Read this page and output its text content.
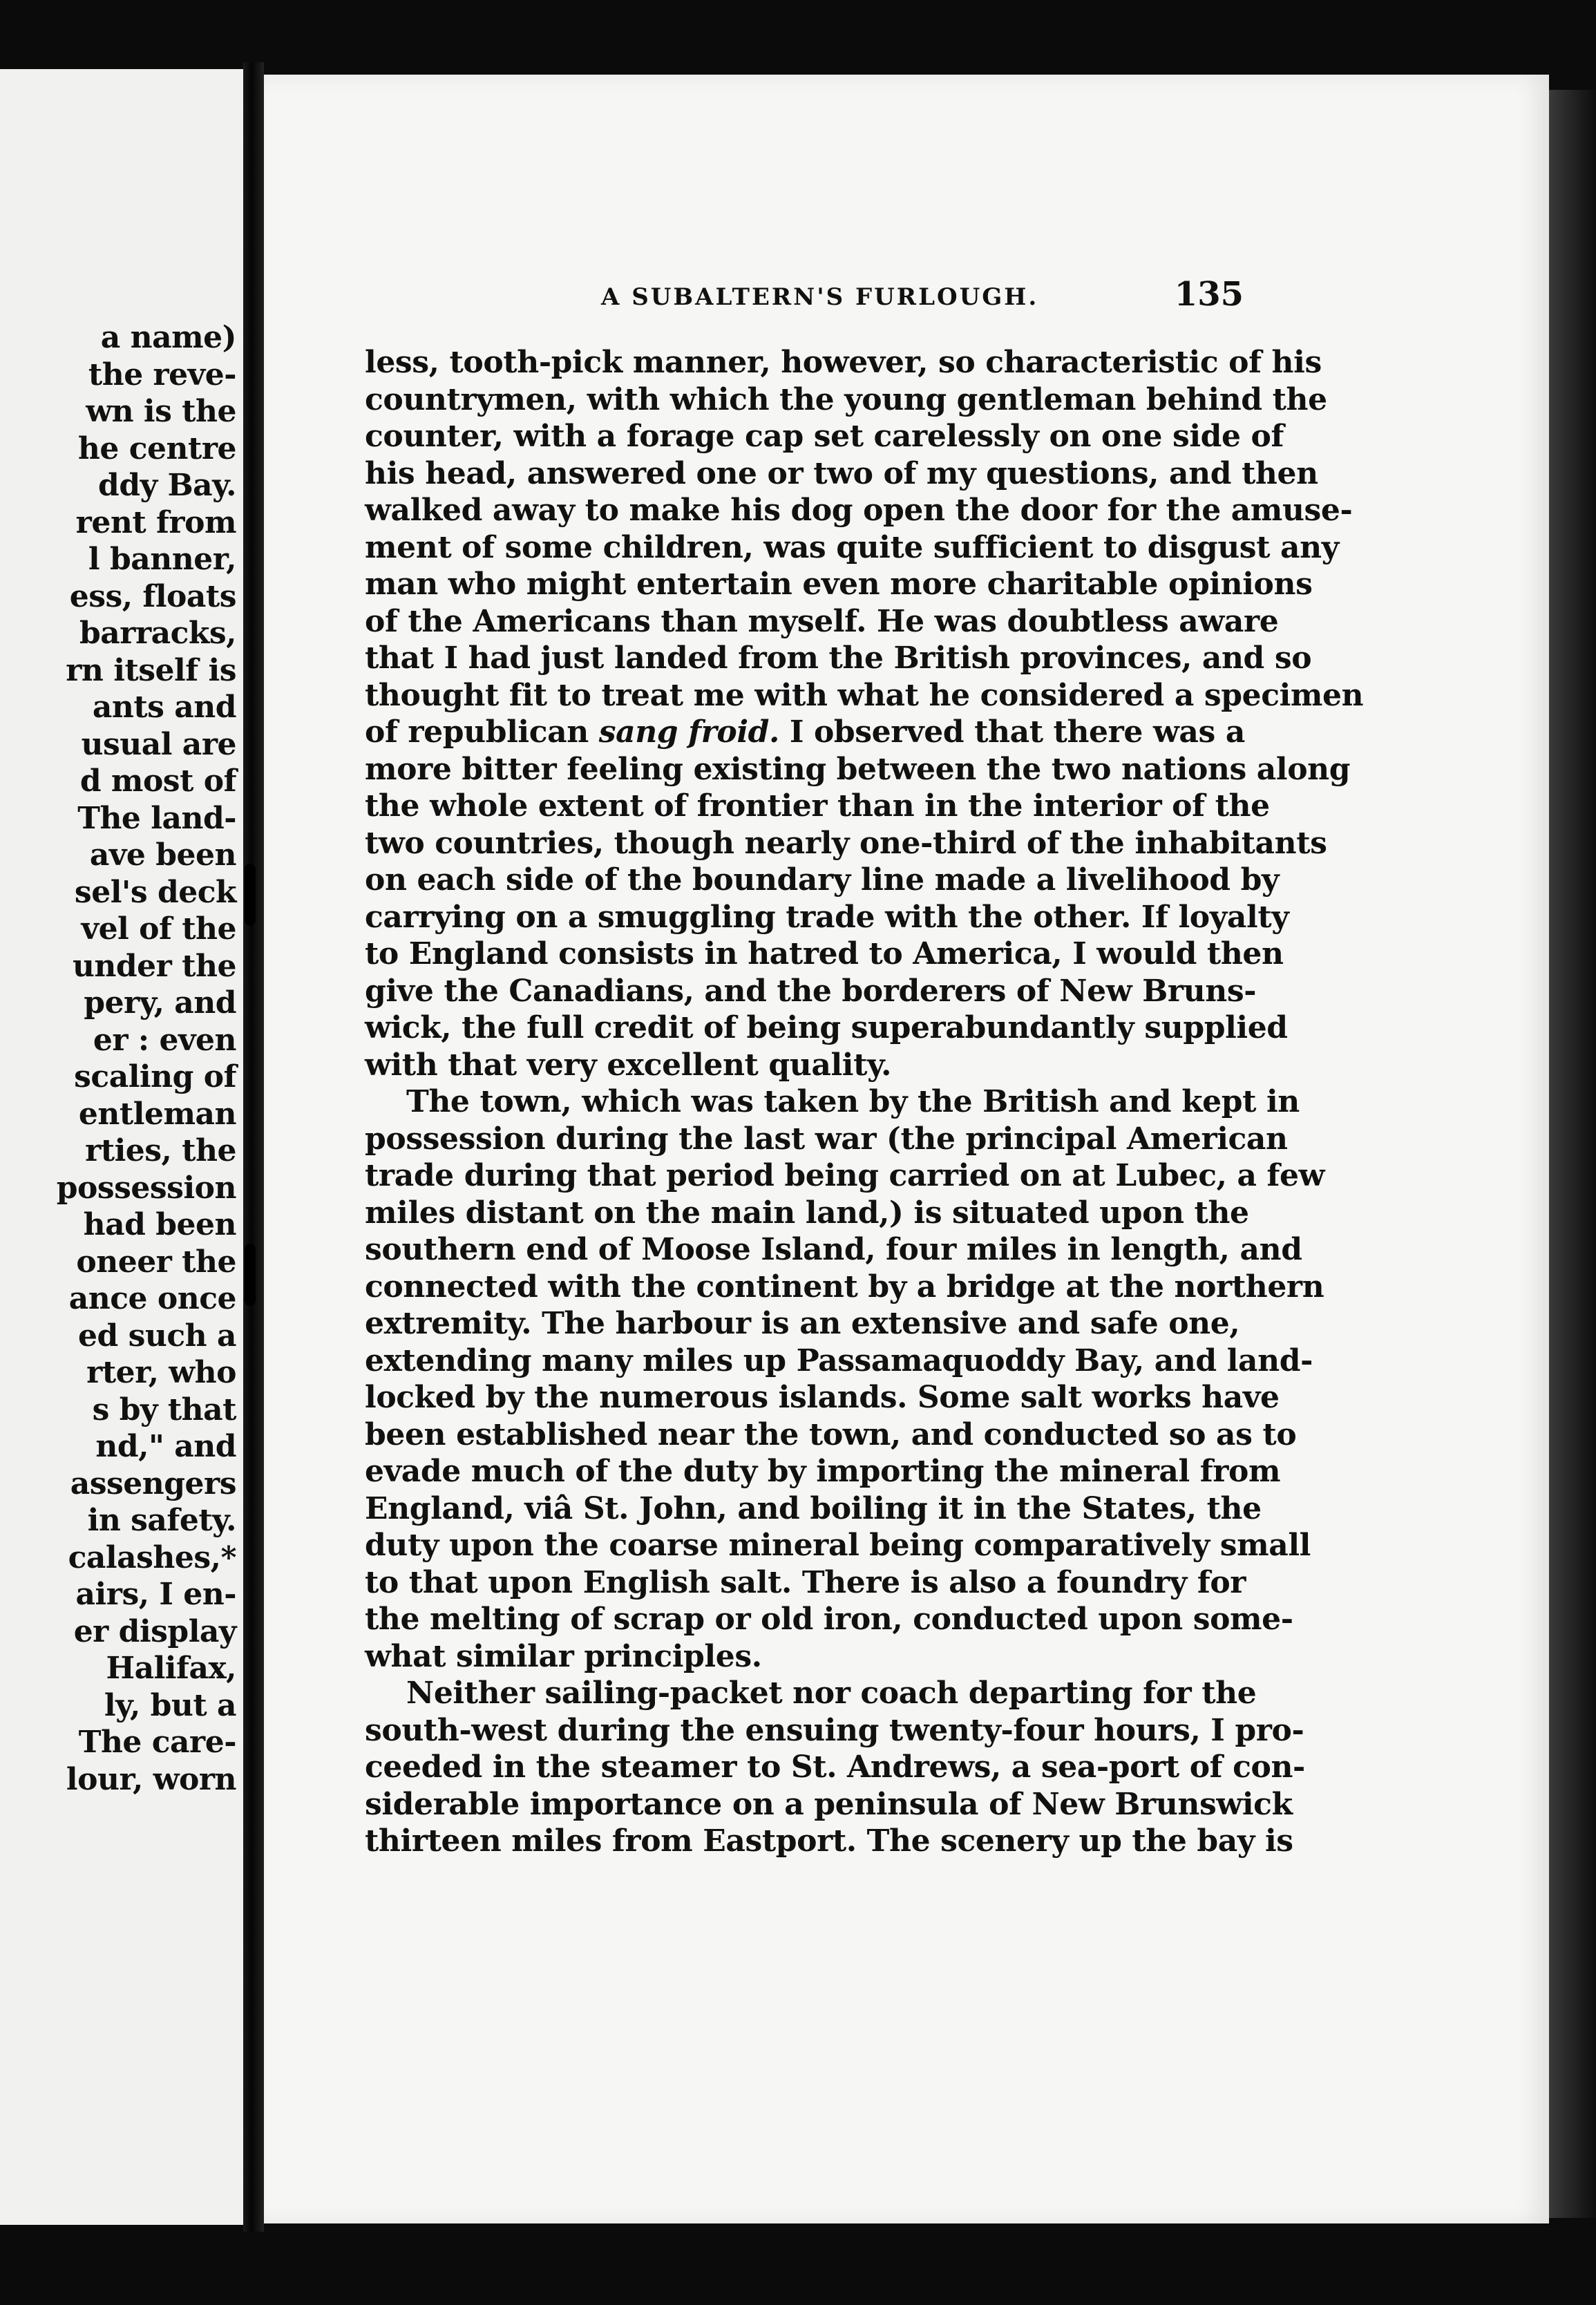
a name)
the reve-
wn is the
he centre
ddy Bay.
rent from
l banner,
ess, floats
barracks,
rn itself is
ants and
usual are
d most of
The land-
ave been
sel's deck
vel of the
under the
pery, and
er : even
scaling of
entleman
rties, the
possession
had been
oneer the
ance once
ed such a
rter, who
s by that
nd," and
assengers
in safety.
calashes,*
airs, I en-
er display
Halifax,
ly, but a
The care-
lour, worn
A SUBALTERN'S FURLOUGH.	135
less, tooth-pick manner, however, so characteristic of his
countrymen, with which the young gentleman behind the
counter, with a forage cap set carelessly on one side of
his head, answered one or two of my questions, and then
walked away to make his dog open the door for the amuse-
ment of some children, was quite sufficient to disgust any
man who might entertain even more charitable opinions
of the Americans than myself. He was doubtless aware
that I had just landed from the British provinces, and so
thought fit to treat me with what he considered a specimen
of republican sang froid. I observed that there was a
more bitter feeling existing between the two nations along
the whole extent of frontier than in the interior of the
two countries, though nearly one-third of the inhabitants
on each side of the boundary line made a livelihood by
carrying on a smuggling trade with the other. If loyalty
to England consists in hatred to America, I would then
give the Canadians, and the borderers of New Bruns-
wick, the full credit of being superabundantly supplied
with that very excellent quality.
The town, which was taken by the British and kept in
possession during the last war (the principal American
trade during that period being carried on at Lubec, a few
miles distant on the main land,) is situated upon the
southern end of Moose Island, four miles in length, and
connected with the continent by a bridge at the northern
extremity. The harbour is an extensive and safe one,
extending many miles up Passamaquoddy Bay, and land-
locked by the numerous islands. Some salt works have
been established near the town, and conducted so as to
evade much of the duty by importing the mineral from
England, viâ St. John, and boiling it in the States, the
duty upon the coarse mineral being comparatively small
to that upon English salt. There is also a foundry for
the melting of scrap or old iron, conducted upon some-
what similar principles.
Neither sailing-packet nor coach departing for the
south-west during the ensuing twenty-four hours, I pro-
ceeded in the steamer to St. Andrews, a sea-port of con-
siderable importance on a peninsula of New Brunswick
thirteen miles from Eastport. The scenery up the bay is
